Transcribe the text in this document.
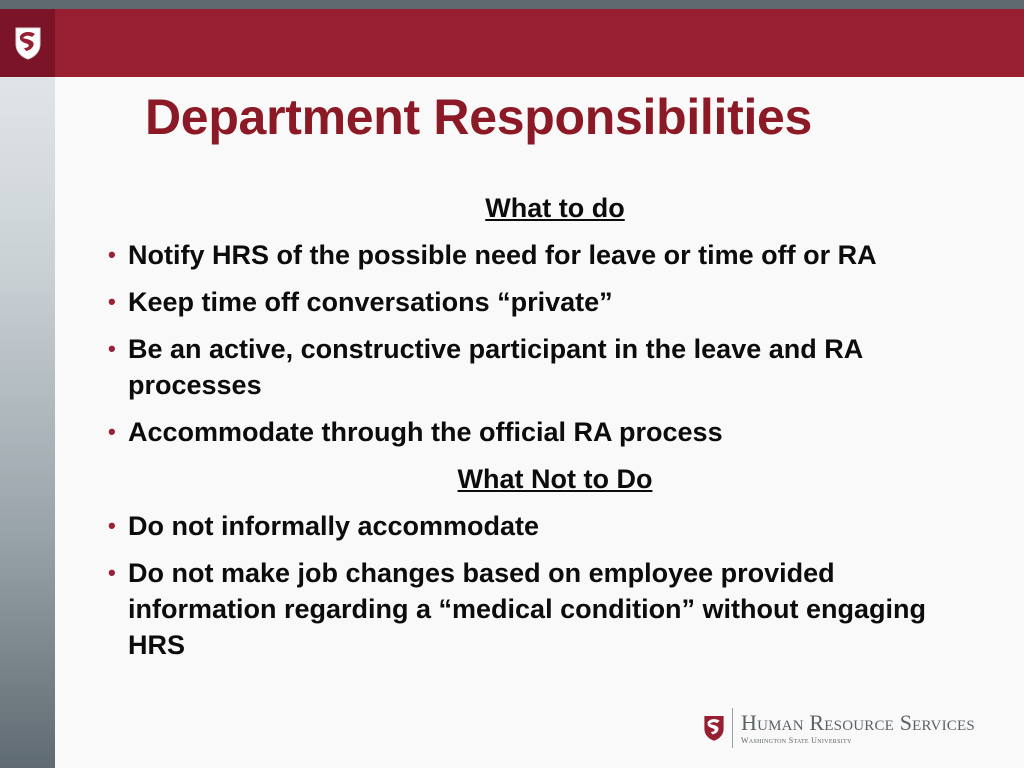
Department Responsibilities
What to do
• Notify HRS of the possible need for leave or time off or RA
• Keep time off conversations “private”
• Be an active, constructive participant in the leave and RA processes
• Accommodate through the official RA process
What Not to Do
• Do not informally accommodate
• Do not make job changes based on employee provided information regarding a “medical condition” without engaging HRS
Human Resource Services
Washington State University
